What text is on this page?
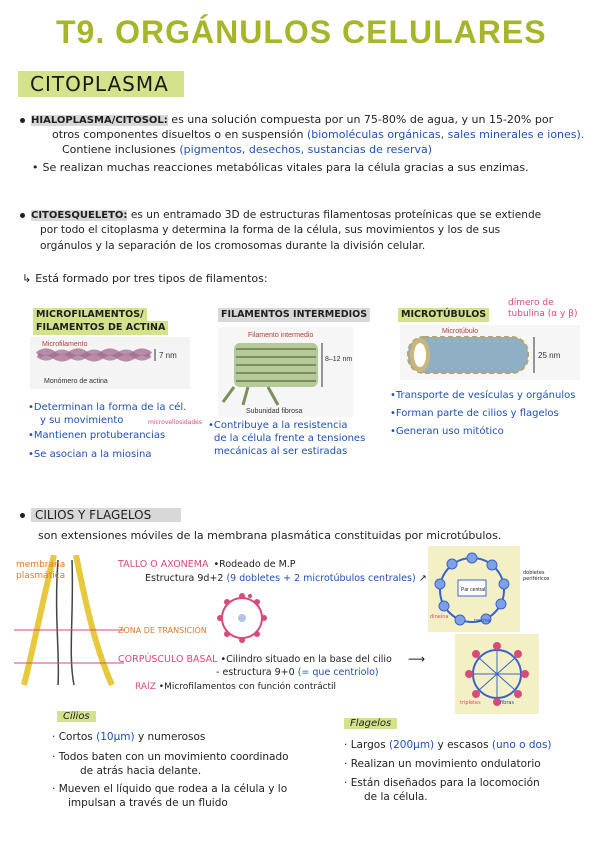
T9. ORGÁNULOS CELULARES
CITOPLASMA
HIALOPLASMA/CITOSOL: es una solución compuesta por un 75-80% de agua, y un 15-20% por
otros componentes disueltos o en suspensión (biomoléculas orgánicas, sales minerales e iones).
Contiene inclusiones (pigmentos, desechos, sustancias de reserva)
• Se realizan muchas reacciones metabólicas vitales para la célula gracias a sus enzimas.
CITOESQUELETO: es un entramado 3D de estructuras filamentosas proteínicas que se extiende
por todo el citoplasma y determina la forma de la célula, sus movimientos y los de sus
orgánulos y la separación de los cromosomas durante la división celular.
↳ Está formado por tres tipos de filamentos:
MICROFILAMENTOS/
FILAMENTOS DE ACTINA
7 nm
Microfilamento
Monómero de actina
•Determinan la forma de la cél.
y su movimiento
•Mantienen protuberancias
microvellosidades
•Se asocian a la miosina
FILAMENTOS INTERMEDIOS
Filamento intermedio
8–12 nm
Subunidad fibrosa
•Contribuye a la resistencia
de la célula frente a tensiones
mecánicas al ser estiradas
MICROTÚBULOS
dímero de tubulina (α y β)
Microtúbulo
25 nm
•Transporte de vesículas y orgánulos
•Forman parte de cilios y flagelos
•Generan uso mitótico
CILIOS Y FLAGELOS
son extensiones móviles de la membrana plasmática constituidas por microtúbulos.
membrana plasmática
TALLO O AXONEMA •Rodeado de M.P
Estructura 9d+2 (9 dobletes + 2 microtúbulos centrales) ↗
ZONA DE TRANSICIÓN
CORPÚSCULO BASAL •Cilindro situado en la base del cilio
- estructura 9+0 (= que centriolo)
RAÍZ •Microfilamentos con función contráctil
⟶
Par central
dobletes periféricos
dineína
nexina
tripletes	fibras
Cilios
· Cortos (10µm) y numerosos
· Todos baten con un movimiento coordinado
de atrás hacia delante.
· Mueven el líquido que rodea a la célula y lo
impulsan a través de un fluido
Flagelos
· Largos (200µm) y escasos (uno o dos)
· Realizan un movimiento ondulatorio
· Están diseñados para la locomoción
de la célula.
